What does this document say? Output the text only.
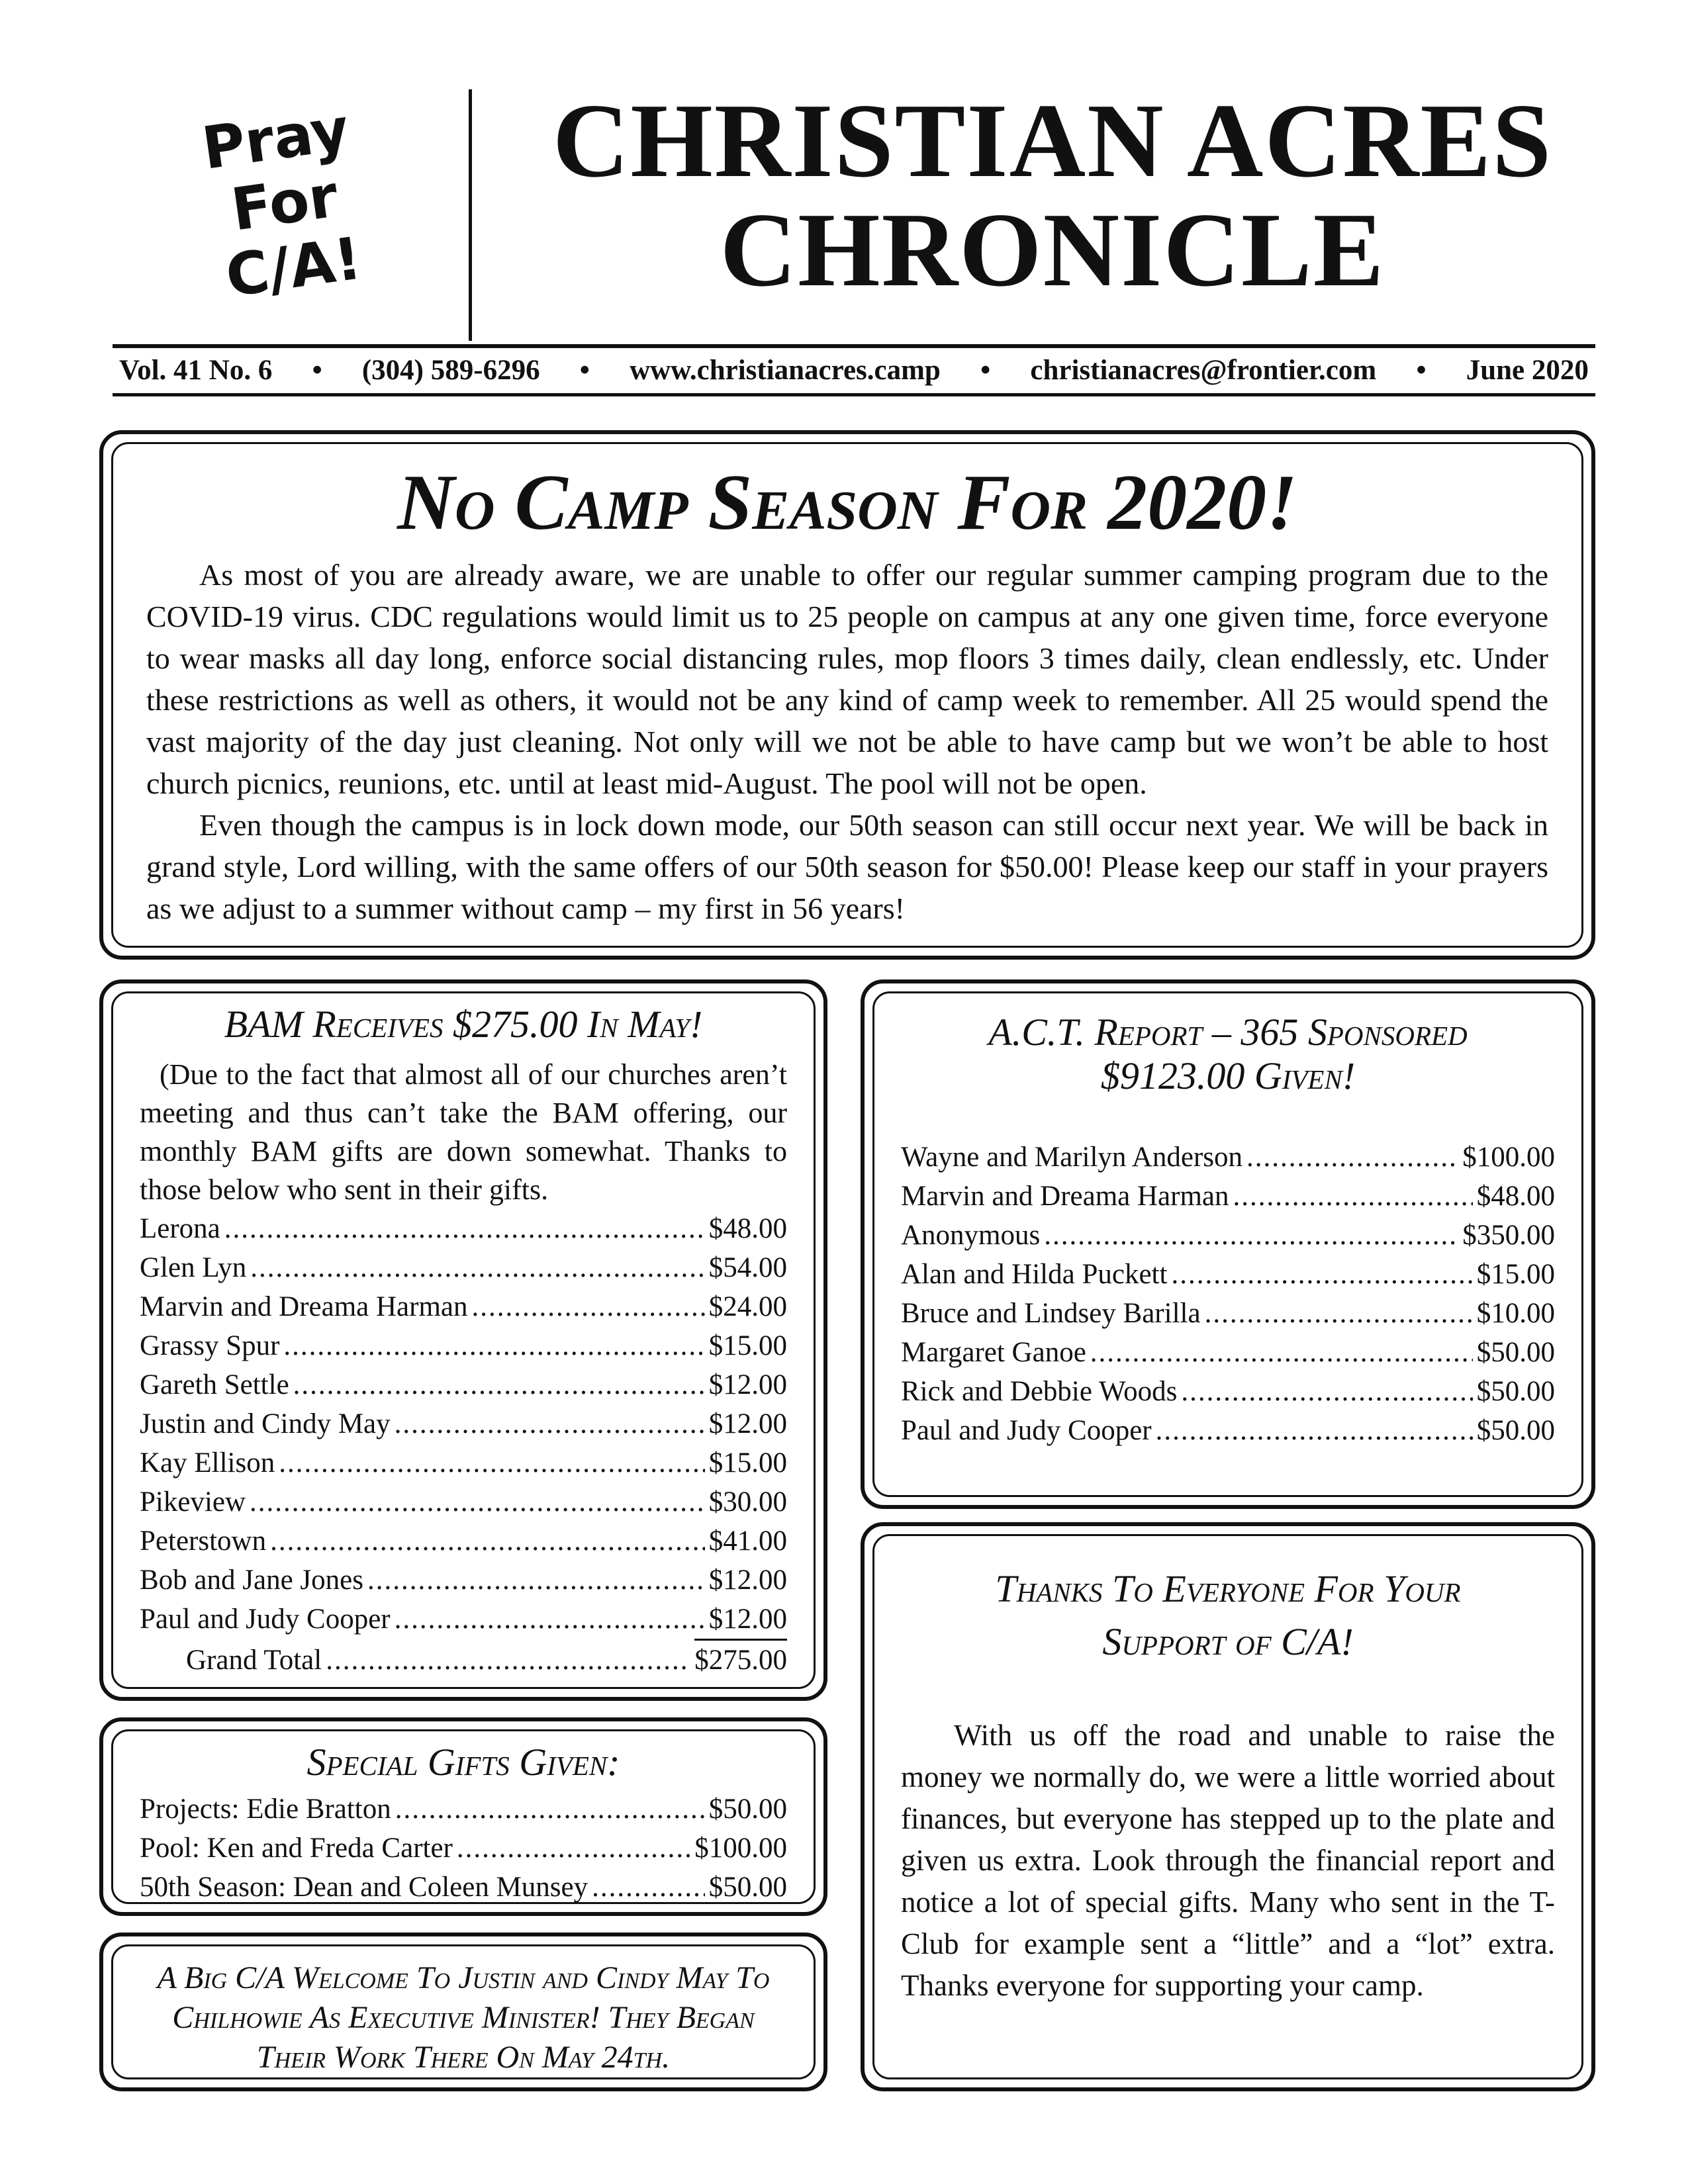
Pray
For
C/A!
CHRISTIAN ACRES
CHRONICLE
Vol. 41 No. 6 • (304) 589-6296 • www.christianacres.camp • christianacres@frontier.com • June 2020
No Camp Season For 2020!

As most of you are already aware, we are unable to offer our regular summer camping program due to the COVID-19 virus. CDC regulations would limit us to 25 people on campus at any one given time, force everyone to wear masks all day long, enforce social distancing rules, mop floors 3 times daily, clean endlessly, etc. Under these restrictions as well as others, it would not be any kind of camp week to remember. All 25 would spend the vast majority of the day just cleaning. Not only will we not be able to have camp but we won’t be able to host church picnics, reunions, etc. until at least mid-August. The pool will not be open.

Even though the campus is in lock down mode, our 50th season can still occur next year. We will be back in grand style, Lord willing, with the same offers of our 50th season for $50.00! Please keep our staff in your prayers as we adjust to a summer without camp – my first in 56 years!

BAM Receives $275.00 In May!
(Due to the fact that almost all of our churches aren’t meeting and thus can’t take the BAM offering, our monthly BAM gifts are down somewhat. Thanks to those below who sent in their gifts.
Lerona .....	$48.00
Glen Lyn .....	$54.00
Marvin and Dreama Harman .....	$24.00
Grassy Spur .....	$15.00
Gareth Settle .....	$12.00
Justin and Cindy May .....	$12.00
Kay Ellison .....	$15.00
Pikeview .....	$30.00
Peterstown .....	$41.00
Bob and Jane Jones .....	$12.00
Paul and Judy Cooper .....	$12.00
Grand Total .....	$275.00
Special Gifts Given:
Projects: Edie Bratton .....	$50.00
Pool: Ken and Freda Carter .....	$100.00
50th Season: Dean and Coleen Munsey .....	$50.00
A Big C/A Welcome To Justin and Cindy May To Chilhowie As Executive Minister! They Began Their Work There On May 24th.
A.C.T. Report – 365 Sponsored
$9123.00 Given!
Wayne and Marilyn Anderson .....	$100.00
Marvin and Dreama Harman .....	$48.00
Anonymous .....	$350.00
Alan and Hilda Puckett .....	$15.00
Bruce and Lindsey Barilla .....	$10.00
Margaret Ganoe .....	$50.00
Rick and Debbie Woods .....	$50.00
Paul and Judy Cooper .....	$50.00
Thanks To Everyone For Your
Support of C/A!
With us off the road and unable to raise the money we normally do, we were a little worried about finances, but everyone has stepped up to the plate and given us extra. Look through the financial report and notice a lot of special gifts. Many who sent in the T-Club for example sent a “little” and a “lot” extra. Thanks everyone for supporting your camp.
